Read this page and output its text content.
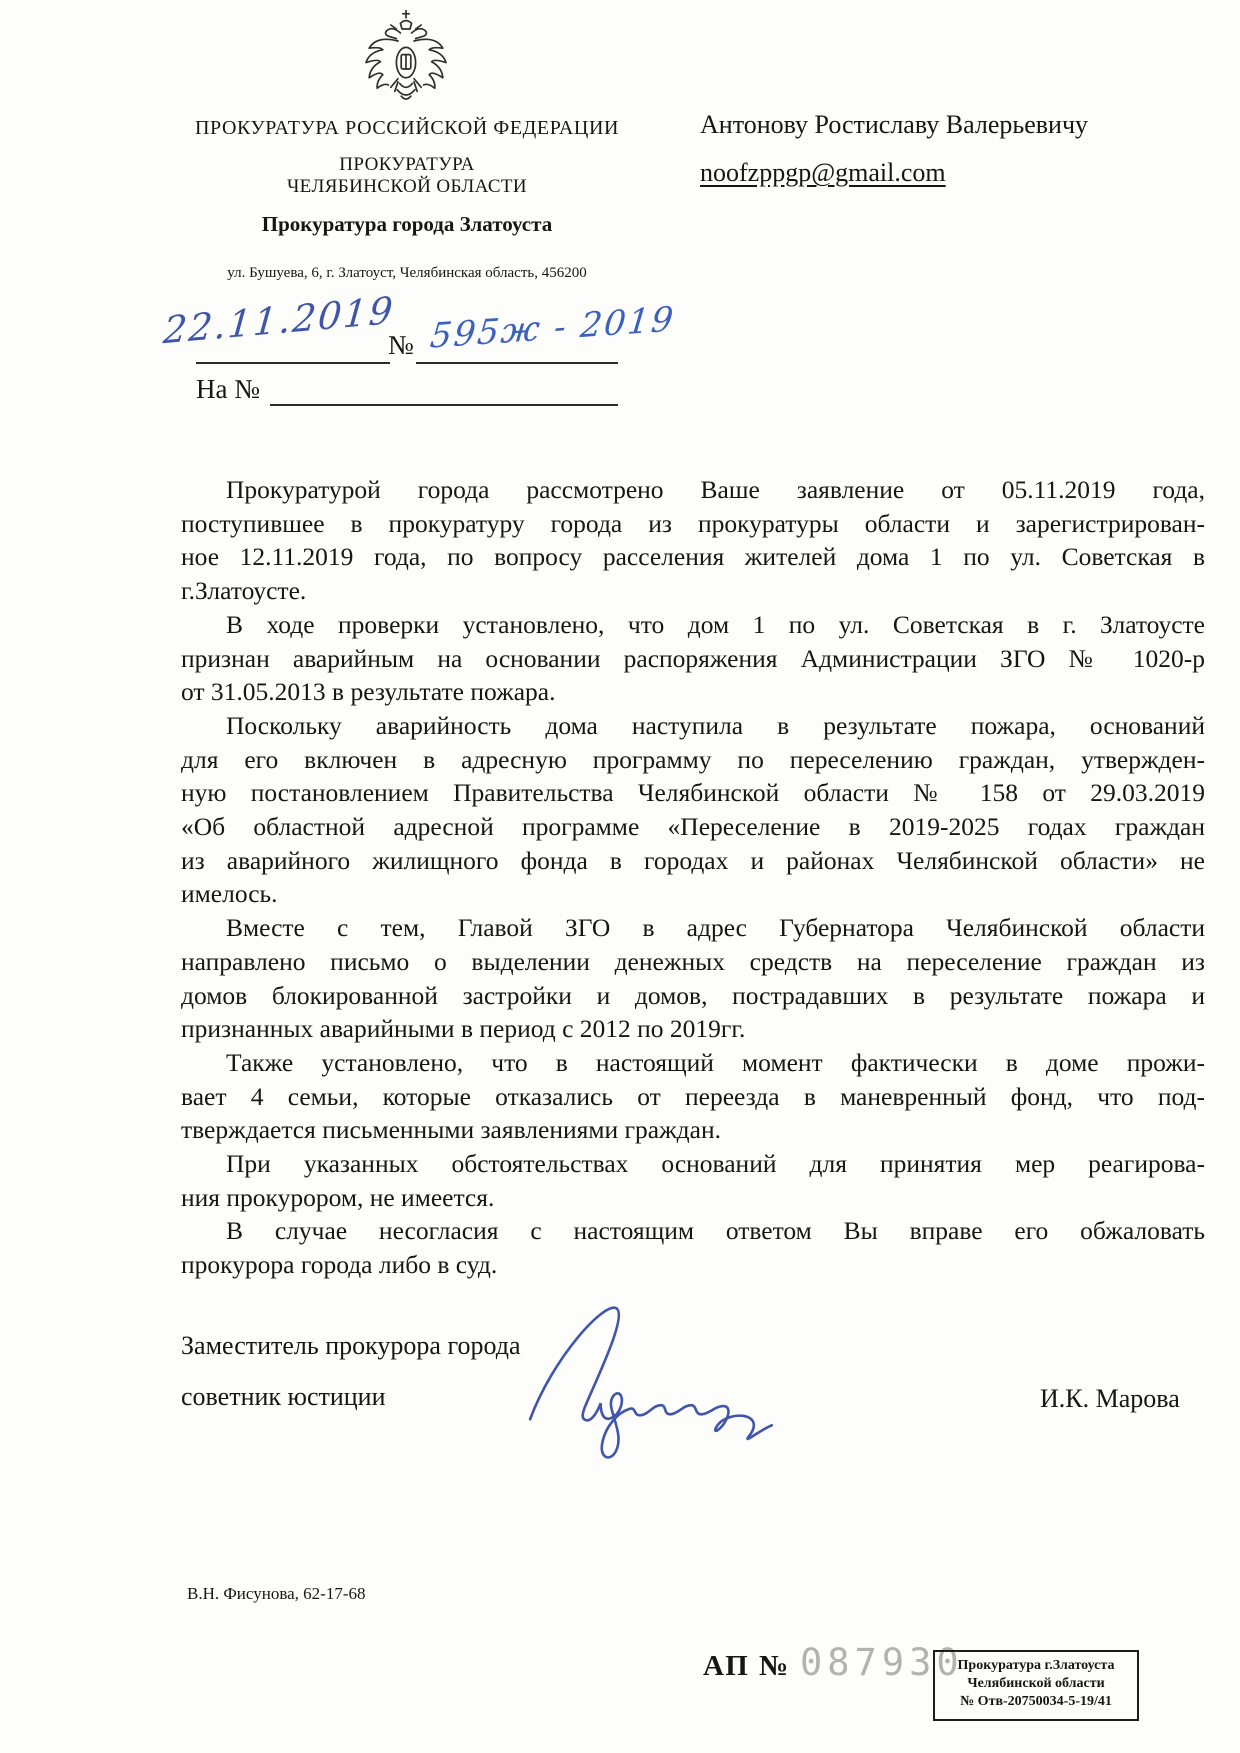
ПРОКУРАТУРА РОССИЙСКОЙ ФЕДЕРАЦИИ
ПРОКУРАТУРА
ЧЕЛЯБИНСКОЙ ОБЛАСТИ
Прокуратура города Златоуста
ул. Бушуева, 6, г. Златоуст, Челябинская область, 456200
Антонову Ростиславу Валерьевичу
noofzppgp@gmail.com
22.11.2019
№ 595ж - 2019
На №
Прокуратурой города рассмотрено Ваше заявление от 05.11.2019 года,
поступившее в прокуратуру города из прокуратуры области и зарегистрирован-
ное 12.11.2019 года, по вопросу расселения жителей дома 1 по ул. Советская в
г.Златоусте.
В ходе проверки установлено, что дом 1 по ул. Советская в г. Златоусте
признан аварийным на основании распоряжения Администрации ЗГО № 1020-р
от 31.05.2013 в результате пожара.
Поскольку аварийность дома наступила в результате пожара, оснований
для его включен в адресную программу по переселению граждан, утвержден-
ную постановлением Правительства Челябинской области № 158 от 29.03.2019
«Об областной адресной программе «Переселение в 2019-2025 годах граждан
из аварийного жилищного фонда в городах и районах Челябинской области» не
имелось.
Вместе с тем, Главой ЗГО в адрес Губернатора Челябинской области
направлено письмо о выделении денежных средств на переселение граждан из
домов блокированной застройки и домов, пострадавших в результате пожара и
признанных аварийными в период с 2012 по 2019гг.
Также установлено, что в настоящий момент фактически в доме прожи-
вает 4 семьи, которые отказались от переезда в маневренный фонд, что под-
тверждается письменными заявлениями граждан.
При указанных обстоятельствах оснований для принятия мер реагирова-
ния прокурором, не имеется.
В случае несогласия с настоящим ответом Вы вправе его обжаловать
прокурора города либо в суд.
Заместитель прокурора города
советник юстиции	И.К. Марова
В.Н. Фисунова, 62-17-68
АП № 087930
Прокуратура г.Златоуста
Челябинской области
№ Отв-20750034-5-19/41
